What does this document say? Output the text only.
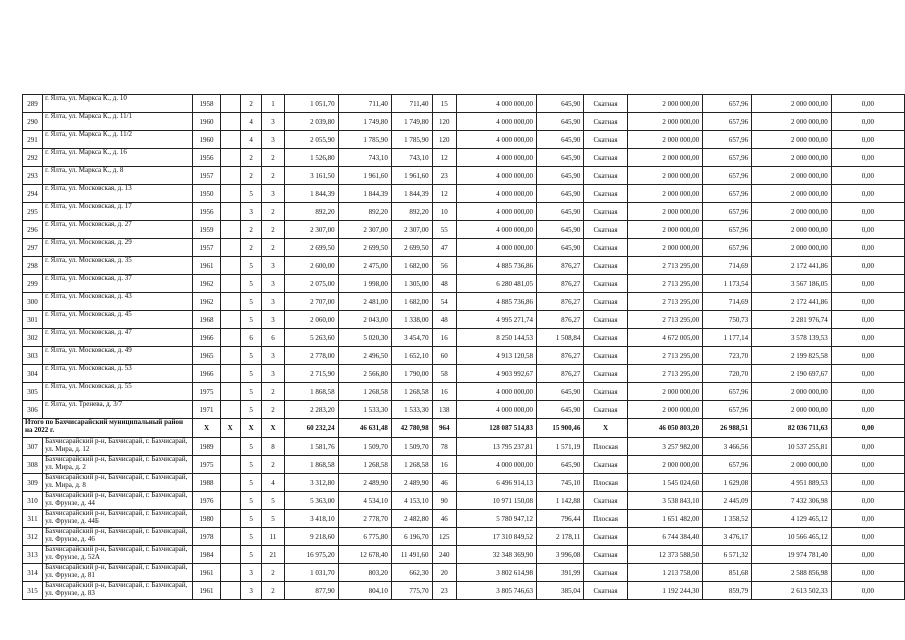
289	г. Ялта, ул. Маркса К., д. 10	1958		2	1	1 051,70	711,40	711,40	15	4 000 000,00	645,90	Скатная	2 000 000,00	657,96	2 000 000,00	0,00
290	г. Ялта, ул. Маркса К., д. 11/1	1960		4	3	2 039,80	1 749,80	1 749,80	120	4 000 000,00	645,90	Скатная	2 000 000,00	657,96	2 000 000,00	0,00
291	г. Ялта, ул. Маркса К., д. 11/2	1960		4	3	2 055,90	1 785,90	1 785,90	120	4 000 000,00	645,90	Скатная	2 000 000,00	657,96	2 000 000,00	0,00
292	г. Ялта, ул. Маркса К., д. 16	1956		2	2	1 526,80	743,10	743,10	12	4 000 000,00	645,90	Скатная	2 000 000,00	657,96	2 000 000,00	0,00
293	г. Ялта, ул. Маркса К., д. 8	1957		2	2	3 161,50	1 961,60	1 961,60	23	4 000 000,00	645,90	Скатная	2 000 000,00	657,96	2 000 000,00	0,00
294	г. Ялта, ул. Московская, д. 13	1950		5	3	1 844,39	1 844,39	1 844,39	12	4 000 000,00	645,90	Скатная	2 000 000,00	657,96	2 000 000,00	0,00
295	г. Ялта, ул. Московская, д. 17	1956		3	2	892,20	892,20	892,20	10	4 000 000,00	645,90	Скатная	2 000 000,00	657,96	2 000 000,00	0,00
296	г. Ялта, ул. Московская, д. 27	1959		2	2	2 307,00	2 307,00	2 307,00	55	4 000 000,00	645,90	Скатная	2 000 000,00	657,96	2 000 000,00	0,00
297	г. Ялта, ул. Московская, д. 29	1957		2	2	2 699,50	2 699,50	2 699,50	47	4 000 000,00	645,90	Скатная	2 000 000,00	657,96	2 000 000,00	0,00
298	г. Ялта, ул. Московская, д. 35	1961		5	3	2 600,00	2 475,00	1 682,00	56	4 885 736,86	876,27	Скатная	2 713 295,00	714,69	2 172 441,86	0,00
299	г. Ялта, ул. Московская, д. 37	1962		5	3	2 075,00	1 998,00	1 305,00	48	6 280 481,05	876,27	Скатная	2 713 295,00	1 173,54	3 567 186,05	0,00
300	г. Ялта, ул. Московская, д. 43	1962		5	3	2 707,00	2 481,00	1 682,00	54	4 885 736,86	876,27	Скатная	2 713 295,00	714,69	2 172 441,86	0,00
301	г. Ялта, ул. Московская, д. 45	1968		5	3	2 060,00	2 043,00	1 338,00	48	4 995 271,74	876,27	Скатная	2 713 295,00	750,73	2 281 976,74	0,00
302	г. Ялта, ул. Московская, д. 47	1966		6	6	5 263,60	5 020,30	3 454,70	16	8 250 144,53	1 508,84	Скатная	4 672 005,00	1 177,14	3 578 139,53	0,00
303	г. Ялта, ул. Московская, д. 49	1965		5	3	2 778,00	2 496,50	1 652,10	60	4 913 120,58	876,27	Скатная	2 713 295,00	723,70	2 199 825,58	0,00
304	г. Ялта, ул. Московская, д. 53	1966		5	3	2 715,90	2 566,80	1 790,00	58	4 903 992,67	876,27	Скатная	2 713 295,00	720,70	2 190 697,67	0,00
305	г. Ялта, ул. Московская, д. 55	1975		5	2	1 868,58	1 268,58	1 268,58	16	4 000 000,00	645,90	Скатная	2 000 000,00	657,96	2 000 000,00	0,00
306	г. Ялта, ул. Тренева, д. 3/7	1971		5	2	2 283,20	1 533,30	1 533,30	138	4 000 000,00	645,90	Скатная	2 000 000,00	657,96	2 000 000,00	0,00
Итого по Бахчисарайский муниципальный район на 2022 г.		X	X	X	X	60 232,24	46 631,48	42 780,98	964	128 087 514,83	15 900,46	X	46 050 803,20	26 988,51	82 036 711,63	0,00
307	Бахчисарайский р-н, Бахчисарай, г. Бахчисарай, ул. Мира, д. 12	1989		5	8	1 581,76	1 509,70	1 509,70	78	13 795 237,81	1 571,19	Плоская	3 257 982,00	3 466,56	10 537 255,81	0,00
308	Бахчисарайский р-н, Бахчисарай, г. Бахчисарай, ул. Мира, д. 2	1975		5	2	1 868,58	1 268,58	1 268,58	16	4 000 000,00	645,90	Скатная	2 000 000,00	657,96	2 000 000,00	0,00
309	Бахчисарайский р-н, Бахчисарай, г. Бахчисарай, ул. Мира, д. 8	1988		5	4	3 312,80	2 489,90	2 489,90	46	6 496 914,13	745,10	Плоская	1 545 024,60	1 629,08	4 951 889,53	0,00
310	Бахчисарайский р-н, Бахчисарай, г. Бахчисарай, ул. Фрунзе, д. 44	1976		5	5	5 363,00	4 534,10	4 153,10	90	10 971 150,08	1 142,88	Скатная	3 538 843,10	2 445,09	7 432 306,98	0,00
311	Бахчисарайский р-н, Бахчисарай, г. Бахчисарай, ул. Фрунзе, д. 44Б	1980		5	5	3 418,10	2 778,70	2 482,80	46	5 780 947,12	796,44	Плоская	1 651 482,00	1 358,52	4 129 465,12	0,00
312	Бахчисарайский р-н, Бахчисарай, г. Бахчисарай, ул. Фрунзе, д. 46	1978		5	11	9 218,60	6 775,80	6 196,70	125	17 310 849,52	2 178,11	Скатная	6 744 384,40	3 476,17	10 566 465,12	0,00
313	Бахчисарайский р-н, Бахчисарай, г. Бахчисарай, ул. Фрунзе, д. 52А	1984		5	21	16 975,20	12 678,40	11 491,60	240	32 348 369,90	3 996,08	Скатная	12 373 588,50	6 571,32	19 974 781,40	0,00
314	Бахчисарайский р-н, Бахчисарай, г. Бахчисарай, ул. Фрунзе, д. 81	1961		3	2	1 031,70	803,20	662,30	20	3 802 614,98	391,99	Скатная	1 213 758,00	851,68	2 588 856,98	0,00
315	Бахчисарайский р-н, Бахчисарай, г. Бахчисарай, ул. Фрунзе, д. 83	1961		3	2	877,90	804,10	775,70	23	3 805 746,63	385,04	Скатная	1 192 244,30	859,79	2 613 502,33	0,00
